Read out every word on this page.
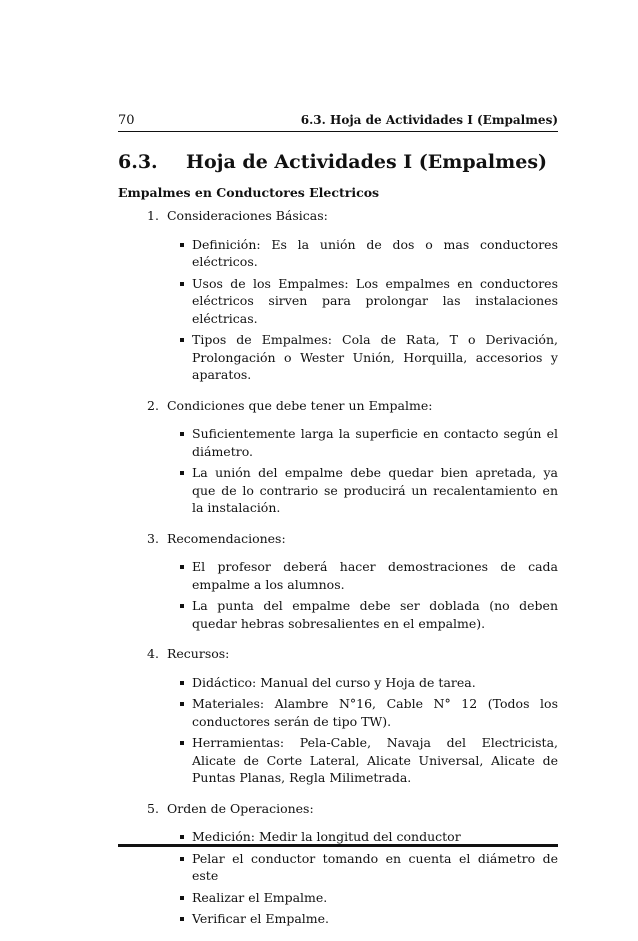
70	6.3. Hoja de Actividades I (Empalmes)
6.3. Hoja de Actividades I (Empalmes)
Empalmes en Conductores Electricos
1. Consideraciones Básicas:
Definición: Es la unión de dos o mas conductores eléctricos.
Usos de los Empalmes: Los empalmes en conductores eléctricos sirven para prolongar las instalaciones eléctricas.
Tipos de Empalmes: Cola de Rata, T o Derivación, Prolongación o Wester Unión, Horquilla, accesorios y aparatos.
2. Condiciones que debe tener un Empalme:
Suficientemente larga la superficie en contacto según el diámetro.
La unión del empalme debe quedar bien apretada, ya que de lo contrario se producirá un recalentamiento en la instalación.
3. Recomendaciones:
El profesor deberá hacer demostraciones de cada empalme a los alumnos.
La punta del empalme debe ser doblada (no deben quedar hebras sobresalientes en el empalme).
4. Recursos:
Didáctico: Manual del curso y Hoja de tarea.
Materiales: Alambre N°16, Cable N° 12 (Todos los conductores serán de tipo TW).
Herramientas: Pela-Cable, Navaja del Electricista, Alicate de Corte Lateral, Alicate Universal, Alicate de Puntas Planas, Regla Milimetrada.
5. Orden de Operaciones:
Medición: Medir la longitud del conductor
Pelar el conductor tomando en cuenta el diámetro de este
Realizar el Empalme.
Verificar el Empalme.
